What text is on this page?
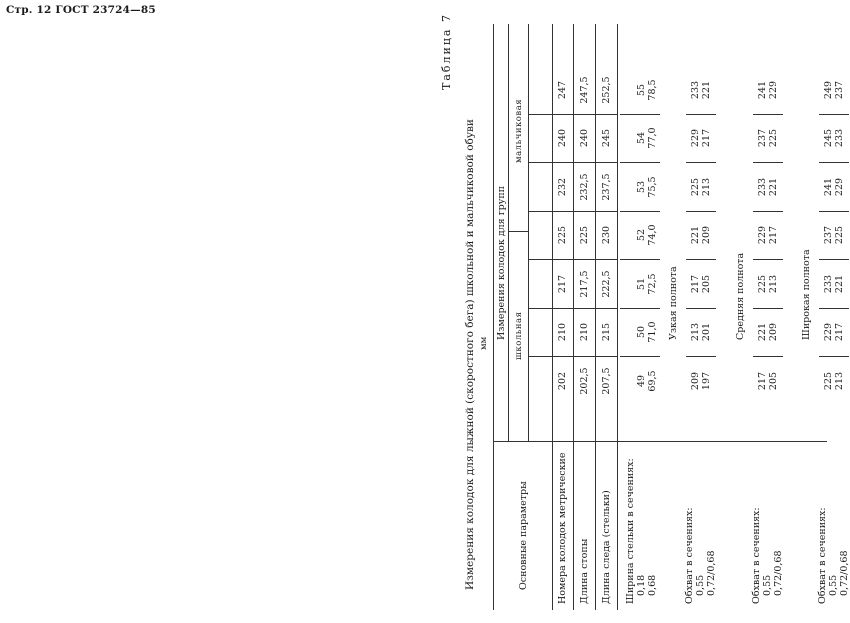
Стр. 12 ГОСТ 23724—85
Таблица 7
Измерения колодок для лыжной (скоростного бега) школьной и мальчиковой обуви мм
Основные параметры
Измерения колодок для групп школьная
мальчиковая
Номера колодок метрические
202
210
217
225
232
240
247
Длина стопы
202,5
210
217,5
225
232,5
240
247,5
Длина следа (стельки)
207,5
215
222,5
230
237,5
245
252,5
Ширина стельки в сечениях: 0,18 0,68
49 69,5
50 71,0
51 72,5
52 74,0
53 75,5
54 77,0
55 78,5
Узкая полнота
Обхват в сечениях: 0,55 0,72/0,68
209 197
213 201
217 205
221 209
225 213
229 217
233 221
Средняя полнота
Обхват в сечениях: 0,55 0,72/0,68
217 205
221 209
225 213
229 217
233 221
237 225
241 229
Широкая полнота
Обхват в сечениях: 0,55 0,72/0,68
225 213
229 217
233 221
237 225
241 229
245 233
249 237
